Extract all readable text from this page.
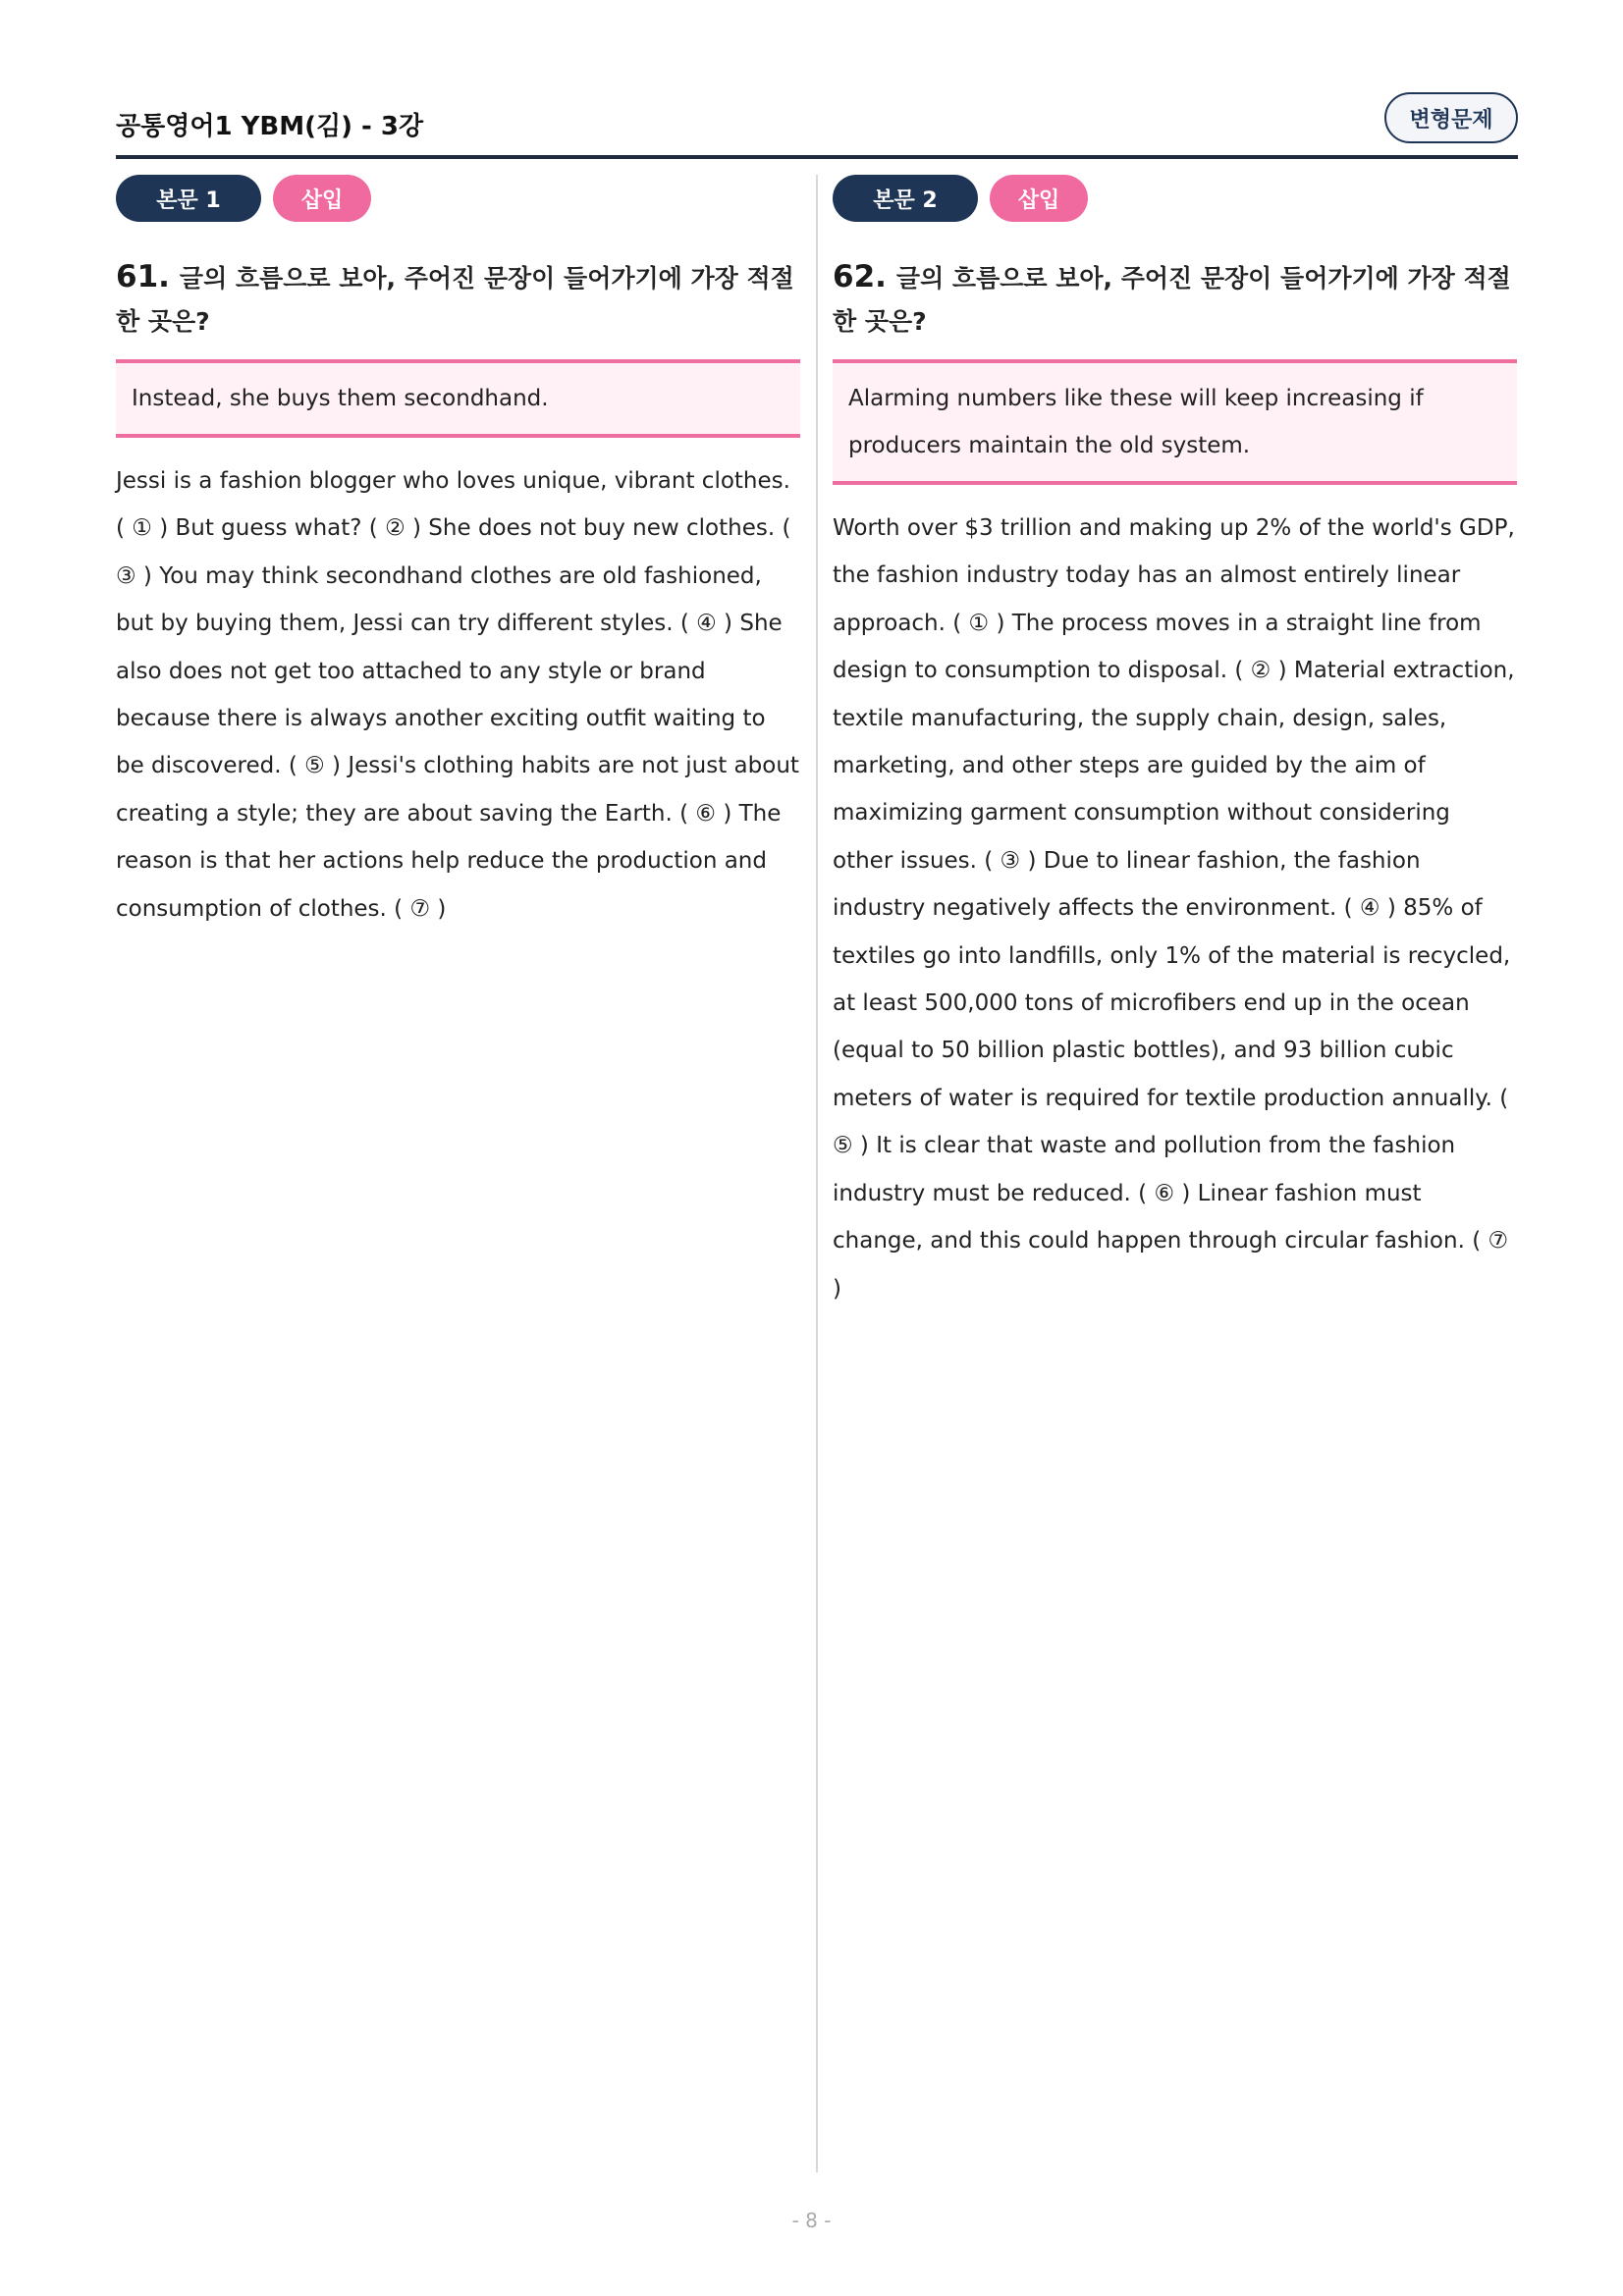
공통영어1 YBM(김) - 3강	변형문제
본문 1	삽입
61. 글의 흐름으로 보아, 주어진 문장이 들어가기에 가장 적절한 곳은?
Instead, she buys them secondhand.
Jessi is a fashion blogger who loves unique, vibrant clothes. ( ① ) But guess what? ( ② ) She does not buy new clothes. ( ③ ) You may think secondhand clothes are old fashioned, but by buying them, Jessi can try different styles. ( ④ ) She also does not get too attached to any style or brand because there is always another exciting outfit waiting to be discovered. ( ⑤ ) Jessi's clothing habits are not just about creating a style; they are about saving the Earth. ( ⑥ ) The reason is that her actions help reduce the production and consumption of clothes. ( ⑦ )
본문 2	삽입
62. 글의 흐름으로 보아, 주어진 문장이 들어가기에 가장 적절한 곳은?
Alarming numbers like these will keep increasing if producers maintain the old system.
Worth over $3 trillion and making up 2% of the world's GDP, the fashion industry today has an almost entirely linear approach. ( ① ) The process moves in a straight line from design to consumption to disposal. ( ② ) Material extraction, textile manufacturing, the supply chain, design, sales, marketing, and other steps are guided by the aim of maximizing garment consumption without considering other issues. ( ③ ) Due to linear fashion, the fashion industry negatively affects the environment. ( ④ ) 85% of textiles go into landfills, only 1% of the material is recycled, at least 500,000 tons of microfibers end up in the ocean (equal to 50 billion plastic bottles), and 93 billion cubic meters of water is required for textile production annually. ( ⑤ ) It is clear that waste and pollution from the fashion industry must be reduced. ( ⑥ ) Linear fashion must change, and this could happen through circular fashion. ( ⑦ )
- 8 -
